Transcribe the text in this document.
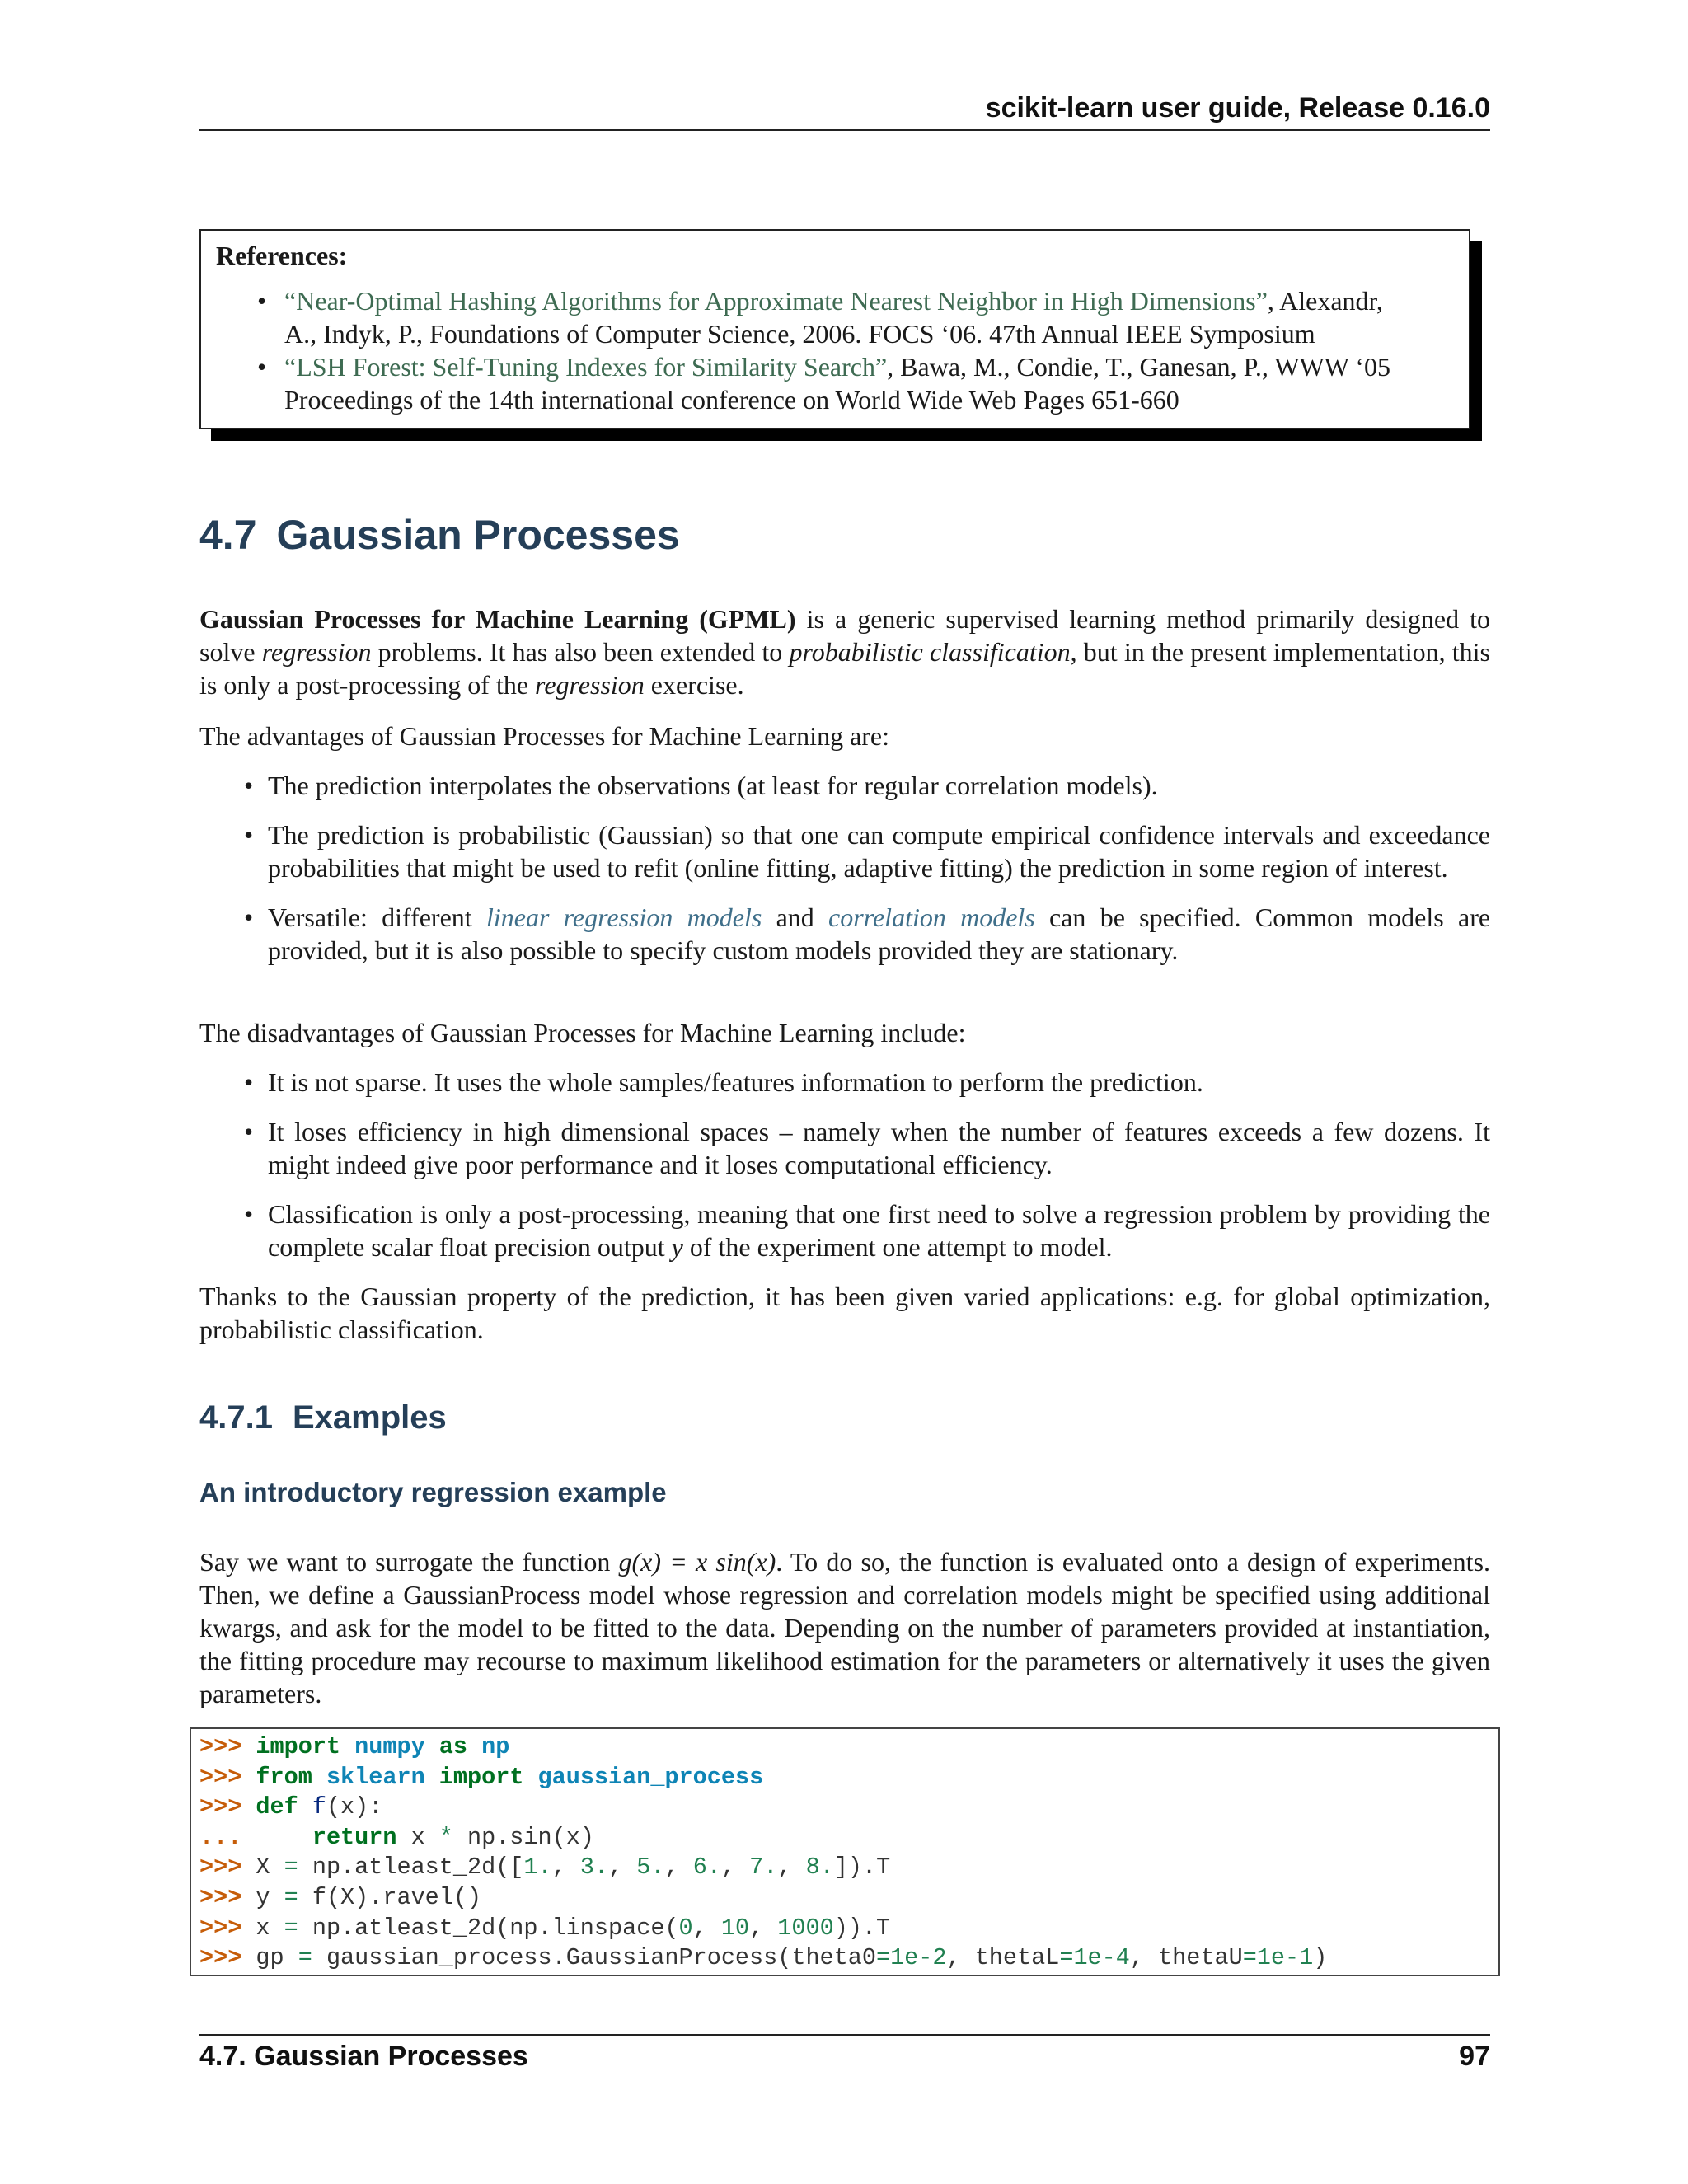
scikit-learn user guide, Release 0.16.0
References:
• “Near-Optimal Hashing Algorithms for Approximate Nearest Neighbor in High Dimensions”, Alexandr, A., Indyk, P., Foundations of Computer Science, 2006. FOCS ‘06. 47th Annual IEEE Symposium
• “LSH Forest: Self-Tuning Indexes for Similarity Search”, Bawa, M., Condie, T., Ganesan, P., WWW ‘05 Proceedings of the 14th international conference on World Wide Web Pages 651-660
4.7 Gaussian Processes

Gaussian Processes for Machine Learning (GPML) is a generic supervised learning method primarily designed to solve regression problems. It has also been extended to probabilistic classification, but in the present implementation, this is only a post-processing of the regression exercise.

The advantages of Gaussian Processes for Machine Learning are:

• The prediction interpolates the observations (at least for regular correlation models).
• The prediction is probabilistic (Gaussian) so that one can compute empirical confidence intervals and exceedance probabilities that might be used to refit (online fitting, adaptive fitting) the prediction in some region of interest.
• Versatile: different linear regression models and correlation models can be specified. Common models are provided, but it is also possible to specify custom models provided they are stationary.

The disadvantages of Gaussian Processes for Machine Learning include:

• It is not sparse. It uses the whole samples/features information to perform the prediction.
• It loses efficiency in high dimensional spaces – namely when the number of features exceeds a few dozens. It might indeed give poor performance and it loses computational efficiency.
• Classification is only a post-processing, meaning that one first need to solve a regression problem by providing the complete scalar float precision output y of the experiment one attempt to model.

Thanks to the Gaussian property of the prediction, it has been given varied applications: e.g. for global optimization, probabilistic classification.

4.7.1 Examples
An introductory regression example

Say we want to surrogate the function g(x) = x sin(x). To do so, the function is evaluated onto a design of experiments. Then, we define a GaussianProcess model whose regression and correlation models might be specified using additional kwargs, and ask for the model to be fitted to the data. Depending on the number of parameters provided at instantiation, the fitting procedure may recourse to maximum likelihood estimation for the parameters or alternatively it uses the given parameters.

>>> import numpy as np
>>> from sklearn import gaussian_process
>>> def f(x):
...     return x * np.sin(x)
>>> X = np.atleast_2d([1., 3., 5., 6., 7., 8.]).T
>>> y = f(X).ravel()
>>> x = np.atleast_2d(np.linspace(0, 10, 1000)).T
>>> gp = gaussian_process.GaussianProcess(theta0=1e-2, thetaL=1e-4, thetaU=1e-1)
4.7. Gaussian Processes	97
